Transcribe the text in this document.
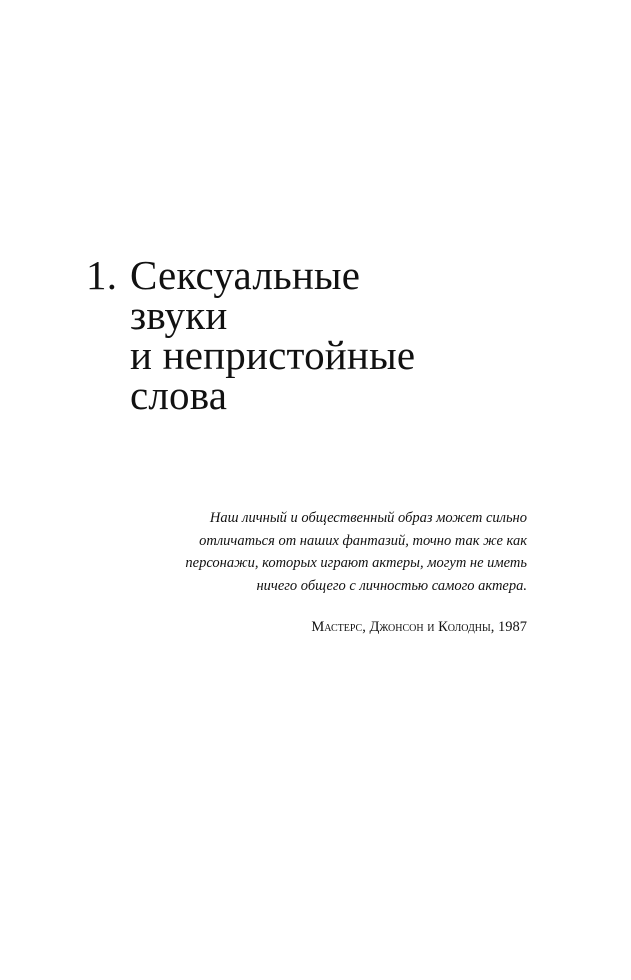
1. Сексуальные
звуки
и непристойные
слова
Наш личный и общественный образ может сильно
отличаться от наших фантазий, точно так же как
персонажи, которых играют актеры, могут не иметь
ничего общего с личностью самого актера.
Мастерс, Джонсон и Колодны, 1987
